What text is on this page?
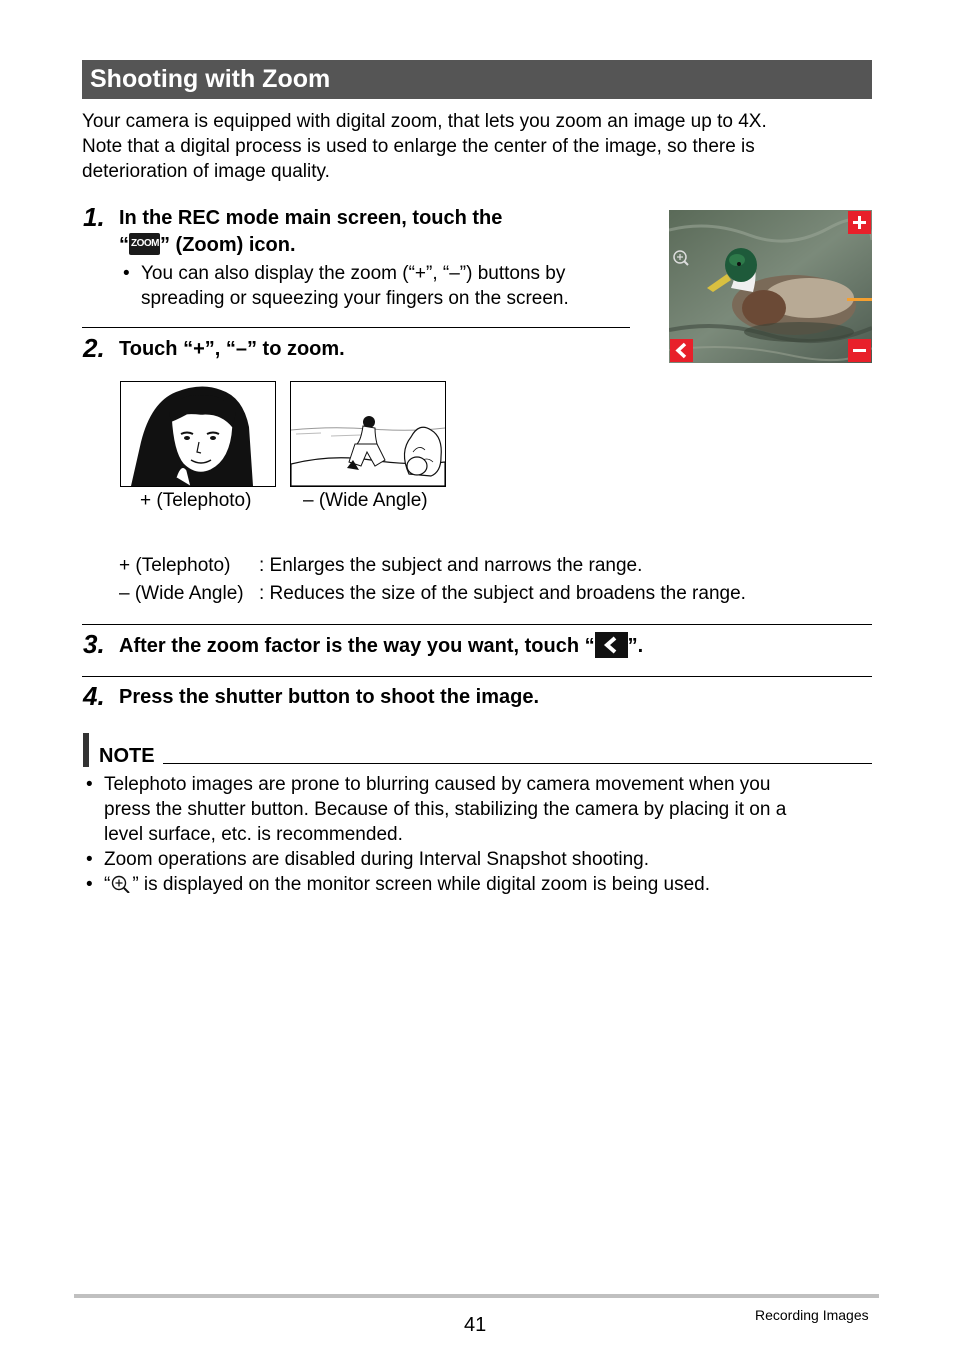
Shooting with Zoom
Your camera is equipped with digital zoom, that lets you zoom an image up to 4X.
Note that a digital process is used to enlarge the center of the image, so there is
deterioration of image quality.
1. In the REC mode main screen, touch the
“ ZOOM ” (Zoom) icon.
• You can also display the zoom (“+”, “–”) buttons by
spreading or squeezing your fingers on the screen.
2. Touch “+”, “–” to zoom.
+ (Telephoto)	– (Wide Angle)
+ (Telephoto) : Enlarges the subject and narrows the range.
– (Wide Angle) : Reduces the size of the subject and broadens the range.
3. After the zoom factor is the way you want, touch “ ”.
4. Press the shutter button to shoot the image.
NOTE
• Telephoto images are prone to blurring caused by camera movement when you
press the shutter button. Because of this, stabilizing the camera by placing it on a
level surface, etc. is recommended.
• Zoom operations are disabled during Interval Snapshot shooting.
• “ ” is displayed on the monitor screen while digital zoom is being used.
41	Recording Images
